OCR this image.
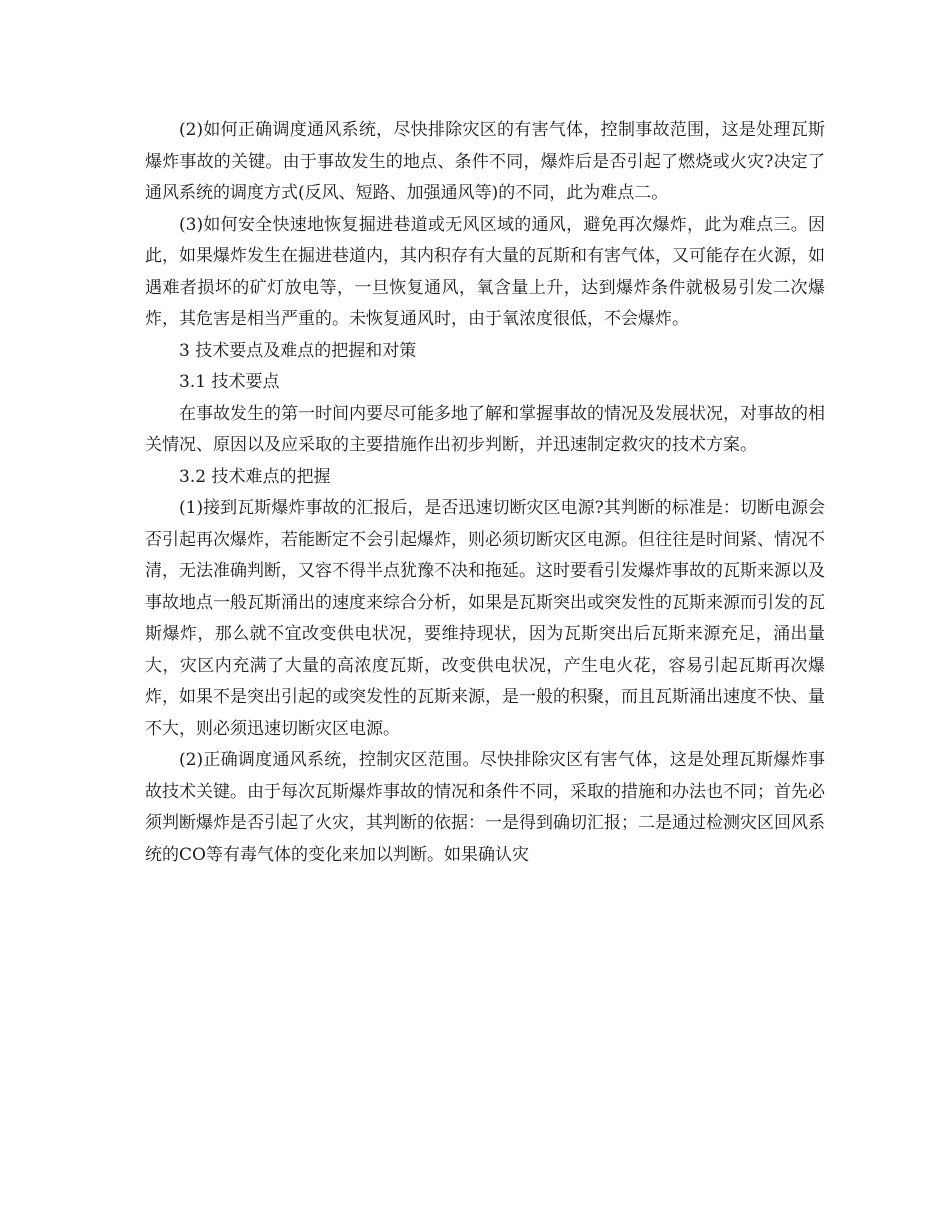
(2)如何正确调度通风系统，尽快排除灾区的有害气体，控制事故范围，这是处理瓦斯爆炸事故的关键。由于事故发生的地点、条件不同，爆炸后是否引起了燃烧或火灾?决定了通风系统的调度方式(反风、短路、加强通风等)的不同，此为难点二。

(3)如何安全快速地恢复掘进巷道或无风区域的通风，避免再次爆炸，此为难点三。因此，如果爆炸发生在掘进巷道内，其内积存有大量的瓦斯和有害气体，又可能存在火源，如遇难者损坏的矿灯放电等，一旦恢复通风，氧含量上升，达到爆炸条件就极易引发二次爆炸，其危害是相当严重的。未恢复通风时，由于氧浓度很低，不会爆炸。

3 技术要点及难点的把握和对策

3.1 技术要点

在事故发生的第一时间内要尽可能多地了解和掌握事故的情况及发展状况，对事故的相关情况、原因以及应采取的主要措施作出初步判断，并迅速制定救灾的技术方案。

3.2 技术难点的把握

(1)接到瓦斯爆炸事故的汇报后，是否迅速切断灾区电源?其判断的标准是：切断电源会否引起再次爆炸，若能断定不会引起爆炸，则必须切断灾区电源。但往往是时间紧、情况不清，无法准确判断，又容不得半点犹豫不决和拖延。这时要看引发爆炸事故的瓦斯来源以及事故地点一般瓦斯涌出的速度来综合分析，如果是瓦斯突出或突发性的瓦斯来源而引发的瓦斯爆炸，那么就不宜改变供电状况，要维持现状，因为瓦斯突出后瓦斯来源充足，涌出量大，灾区内充满了大量的高浓度瓦斯，改变供电状况，产生电火花，容易引起瓦斯再次爆炸，如果不是突出引起的或突发性的瓦斯来源，是一般的积聚，而且瓦斯涌出速度不快、量不大，则必须迅速切断灾区电源。

(2)正确调度通风系统，控制灾区范围。尽快排除灾区有害气体，这是处理瓦斯爆炸事故技术关键。由于每次瓦斯爆炸事故的情况和条件不同，采取的措施和办法也不同；首先必须判断爆炸是否引起了火灾，其判断的依据：一是得到确切汇报；二是通过检测灾区回风系统的CO等有毒气体的变化来加以判断。如果确认灾
